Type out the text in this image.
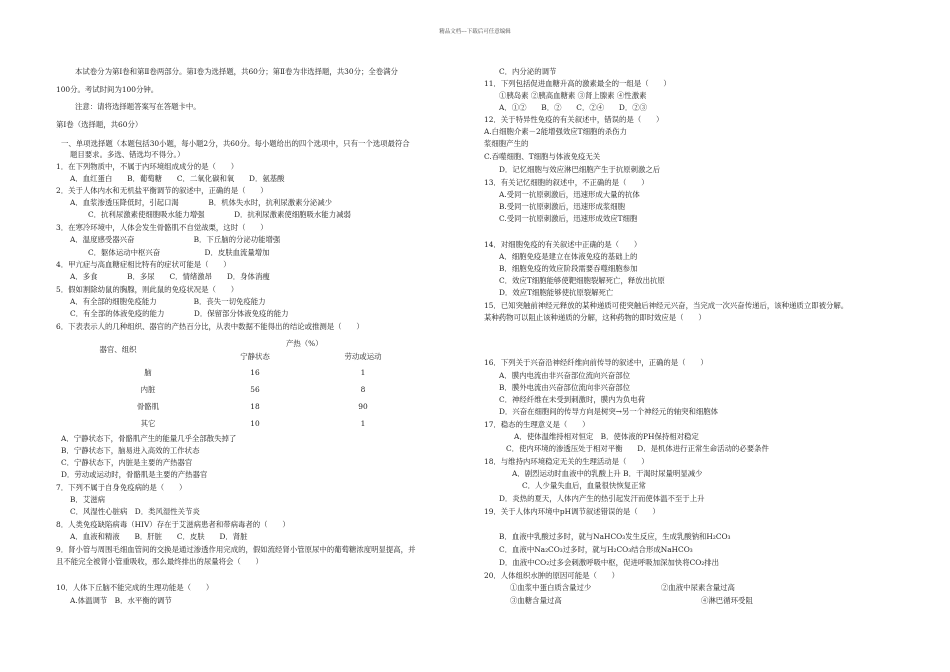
精品文档---下载后可任意编辑
本试卷分为第Ⅰ卷和第Ⅱ卷两部分。第Ⅰ卷为选择题，共60分；第Ⅱ卷为非选择题，共30分；全卷满分
100分。考试时间为100分钟。
注意：请将选择题答案写在答题卡中。
第Ⅰ卷（选择题，共60分）
一、单项选择题（本题包括30小题，每小题2分，共60分。每小题给出的四个选项中，只有一个选项最符合
题目要求。多选、错选均不得分。）
1．在下列物质中，不属于内环境组成成分的是（　　）
A．血红蛋白　　B．葡萄糖　　C．二氧化碳和氧　　D．氨基酸
2．关于人体内水和无机盐平衡调节的叙述中，正确的是（　　）
A．血浆渗透压降低时，引起口渴　　　　B．机体失水时，抗利尿激素分泌减少
C．抗利尿激素使细胞吸水能力增强　　　　D．抗利尿激素使细胞吸水能力减弱
3．在寒冷环境中，人体会发生骨骼肌不自觉战栗，这时（　　）
A．温度感受器兴奋　　　　　　　　B．下丘脑的分泌功能增强
C．躯体运动中枢兴奋　　　　　　D．皮肤血流量增加
4．甲亢症与高血糖症相比特有的症状可能是（　　）
A．多食　　　　B．多尿　　C．情绪激昂　　D．身体消瘦
5．假如割除幼鼠的胸腺，则此鼠的免疫状况是（　　）
A．有全部的细胞免疫能力　　　　　B．丧失一切免疫能力
C．有全部的体液免疫的能力　　　　D．保留部分体液免疫的能力
6．下表表示人的几种组织、器官的产热百分比，从表中数据不能得出的结论或推测是（　　）
A．宁静状态下，骨骼肌产生的能量几乎全部散失掉了
B．宁静状态下，脑易进入高效的工作状态
C．宁静状态下，内脏是主要的产热器官
D．劳动或运动时，骨骼肌是主要的产热器官
7．下列不属于自身免疫病的是（　　）
B．艾滋病
C．风湿性心脏病　D．类风湿性关节炎
8．人类免疫缺陷病毒（HIV）存在于艾滋病患者和带病毒者的（　　）
A．血液和精液　　B．肝脏　　C．皮肤　　D．肾脏
9．肾小管与周围毛细血管间的交换是通过渗透作用完成的，假如流经肾小管原尿中的葡萄糖浓度明显提高，并
且不能完全被肾小管重吸收，那么最终排出的尿量将会（　　）
10．人体下丘脑不能完成的生理功能是（　　）
A.体温调节　B．水平衡的调节
C．内分泌的调节
11．下列包括促进血糖升高的激素最全的一组是（　　）
①胰岛素 ②胰高血糖素 ③肾上腺素 ④性激素
A．①②　　B．②　　C．②④　　D．②③
12．关于特异性免疫的有关叙述中，错误的是（　　）
A.白细胞介素－2能增强效应T细胞的杀伤力
浆细胞产生的
C.吞噬细胞、T细胞与体液免疫无关
D．记忆细胞与效应淋巴细胞产生于抗原刺激之后
13．有关记忆细胞的叙述中，不正确的是（　　）
A.受同一抗原刺激后，迅速形成大量的抗体
B.受同一抗原刺激后，迅速形成浆细胞
C.受同一抗原刺激后，迅速形成效应T细胞
14．对细胞免疫的有关叙述中正确的是（　　）
A．细胞免疫是建立在体液免疫的基础上的
B．细胞免疫的效应阶段需要吞噬细胞参加
C．效应T细胞能够使靶细胞裂解死亡，释放出抗原
D．效应T细胞能够使抗原裂解死亡
15．已知突触前神经元释放的某种递质可使突触后神经元兴奋，当完成一次兴奋传递后，该种递质立即被分解。
某种药物可以阻止该种递质的分解，这种药物的即时效应是（　　）
16．下列关于兴奋沿神经纤维向前传导的叙述中，正确的是（　　）
A．膜内电流由非兴奋部位流向兴奋部位
B．膜外电流由兴奋部位流向非兴奋部位
C．神经纤维在未受到刺激时，膜内为负电荷
D．兴奋在细胞间的传导方向是树突→另一个神经元的轴突和细胞体
17．稳态的生理意义是（　　）
A．使体温维持相对恒定　B．使体液的PH保持相对稳定
C．使内环境的渗透压处于相对平衡　　D．是机体进行正常生命活动的必要条件
18．与维持内环境稳定无关的生理活动是（　　）
A．剧烈运动时血液中的乳酸上升 B．干渴时尿量明显减少
C．人少量失血后，血量很快恢复正常
D．炎热的夏天，人体内产生的热引起发汗而使体温不至于上升
19．关于人体内环境中pH调节叙述错误的是（　　）
B．血液中乳酸过多时，就与NaHCO₃发生反应，生成乳酸钠和H₂CO₃
C．血液中Na₂CO₃过多时，就与H₂CO₃结合形成NaHCO₃
D．血液中CO₂过多会刺激呼吸中枢，促进呼吸加深加快将CO₂排出
20．人体组织水肿的原因可能是（　　）
①血浆中蛋白质含量过少	②血液中尿素含量过高
③血糖含量过高	④淋巴循环受阻
产热（%）
器官、组织
宁静状态	劳动或运动
脑	16	1
内脏	56	8
骨骼肌	18	90
其它	10	1
